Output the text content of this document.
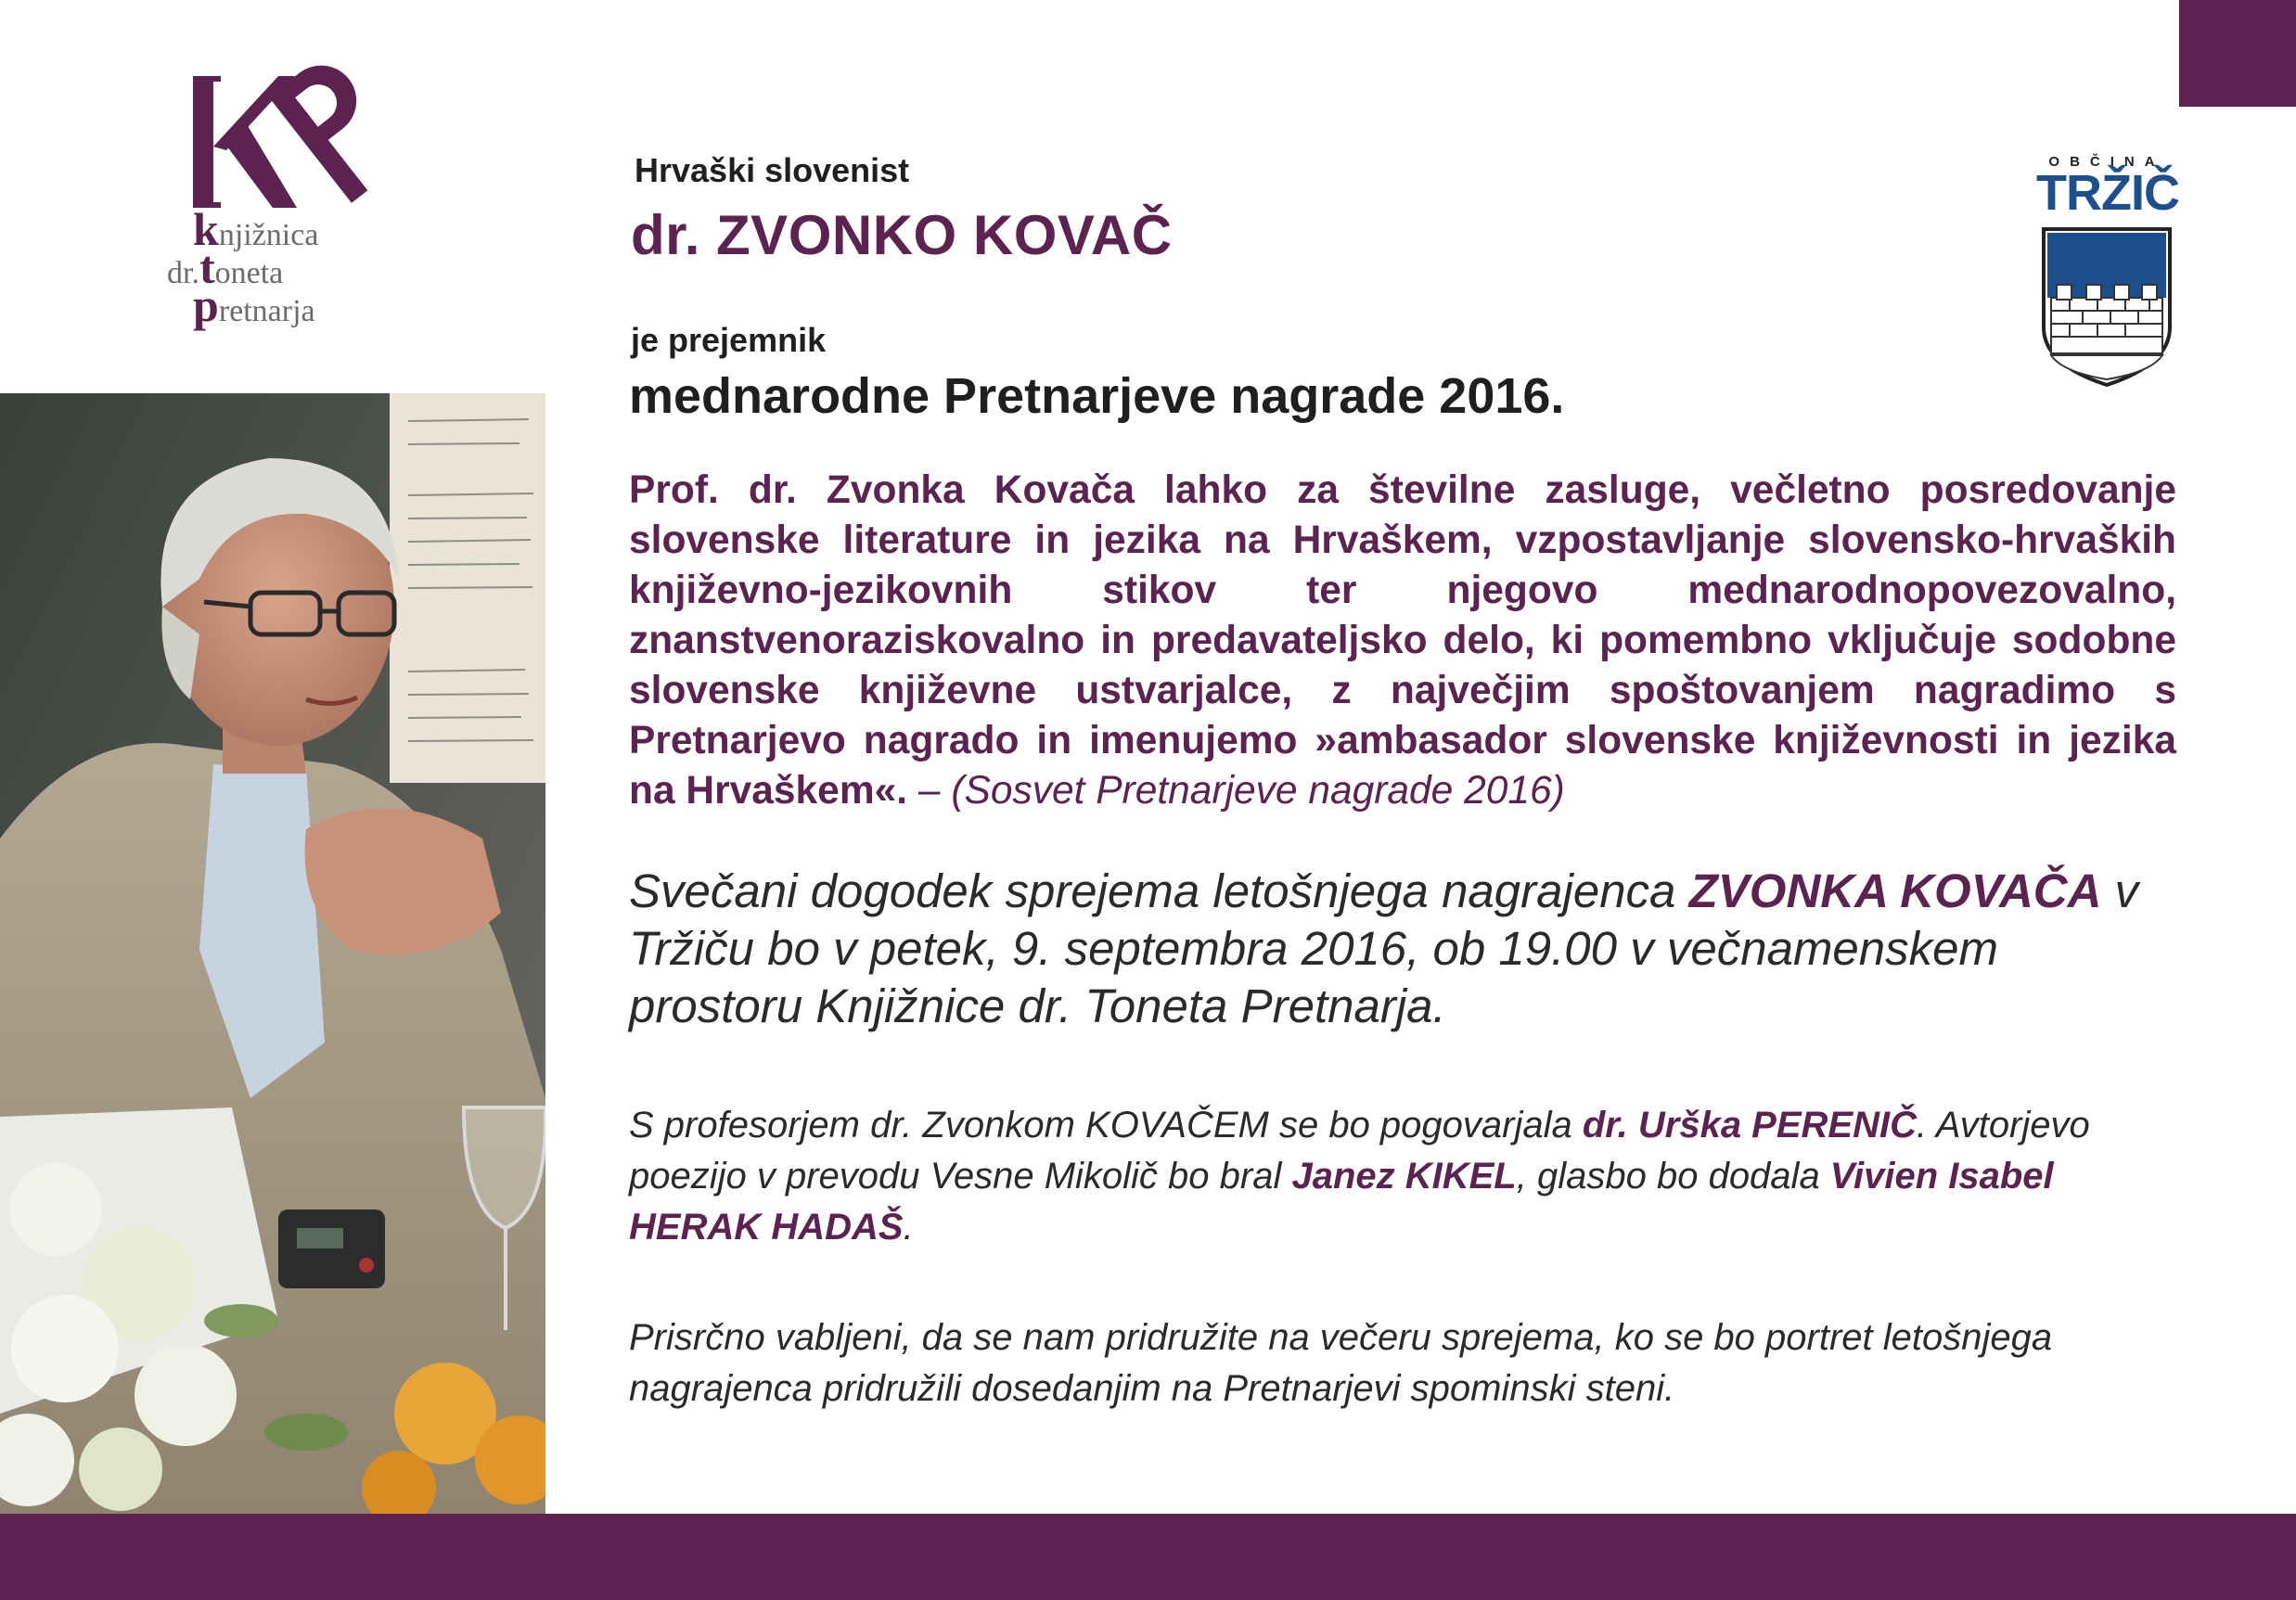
knjižnica
dr.toneta
pretnarja
OBČINA
TRŽIČ
Hrvaški slovenist
dr. ZVONKO KOVAČ
je prejemnik
mednarodne Pretnarjeve nagrade 2016.
Prof. dr. Zvonka Kovača lahko za številne zasluge, večletno posredovanje slovenske literature in jezika na Hrvaškem, vzpostavljanje slovensko-hrvaških književno-jezikovnih stikov ter njegovo mednarodnopovezovalno, znanstvenoraziskovalno in predavateljsko delo, ki pomembno vključuje sodobne slovenske književne ustvarjalce, z največjim spoštovanjem nagradimo s Pretnarjevo nagrado in imenujemo »ambasador slovenske književnosti in jezika na Hrvaškem«. – (Sosvet Pretnarjeve nagrade 2016)
Svečani dogodek sprejema letošnjega nagrajenca ZVONKA KOVAČA v Tržiču bo v petek, 9. septembra 2016, ob 19.00 v večnamenskem prostoru Knjižnice dr. Toneta Pretnarja.
S profesorjem dr. Zvonkom KOVAČEM se bo pogovarjala dr. Urška PERENIČ. Avtorjevo poezijo v prevodu Vesne Mikolič bo bral Janez KIKEL, glasbo bo dodala Vivien Isabel HERAK HADAŠ.
Prisrčno vabljeni, da se nam pridružite na večeru sprejema, ko se bo portret letošnjega nagrajenca pridružili dosedanjim na Pretnarjevi spominski steni.
